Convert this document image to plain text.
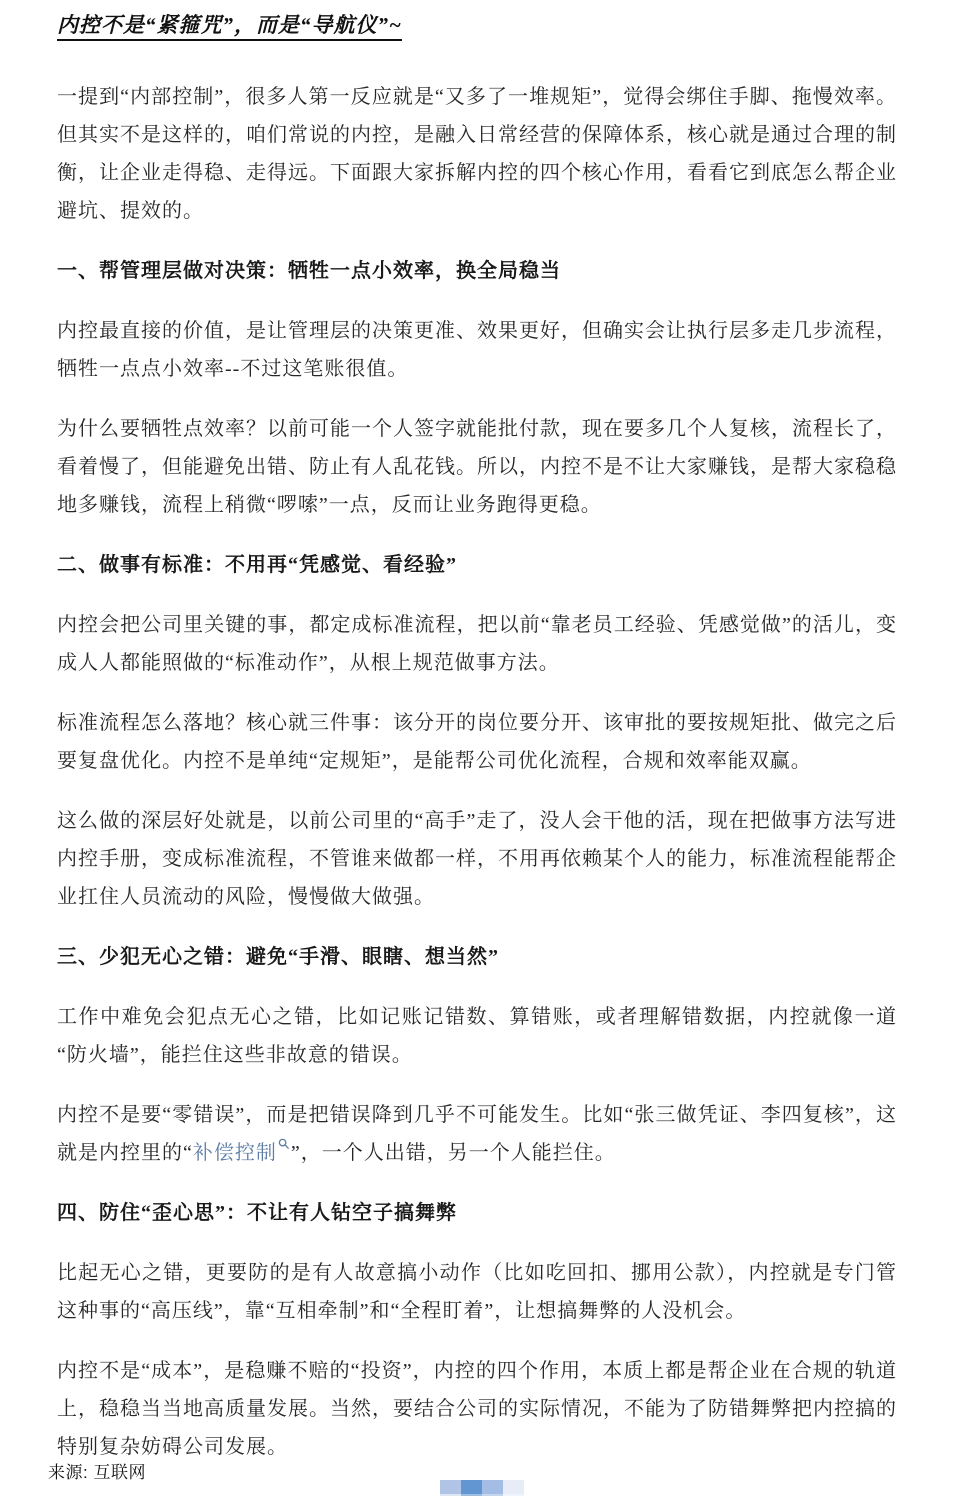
内控不是“紧箍咒”，而是“导航仪”~

一提到“内部控制”，很多人第一反应就是“又多了一堆规矩”，觉得会绑住手脚、拖慢效率。但其实不是这样的，咱们常说的内控，是融入日常经营的保障体系，核心就是通过合理的制衡，让企业走得稳、走得远。下面跟大家拆解内控的四个核心作用，看看它到底怎么帮企业避坑、提效的。

一、帮管理层做对决策：牺牲一点小效率，换全局稳当

内控最直接的价值，是让管理层的决策更准、效果更好，但确实会让执行层多走几步流程，牺牲一点点小效率--不过这笔账很值。

为什么要牺牲点效率？以前可能一个人签字就能批付款，现在要多几个人复核，流程长了，看着慢了，但能避免出错、防止有人乱花钱。所以，内控不是不让大家赚钱，是帮大家稳稳地多赚钱，流程上稍微“啰嗦”一点，反而让业务跑得更稳。

二、做事有标准：不用再“凭感觉、看经验”

内控会把公司里关键的事，都定成标准流程，把以前“靠老员工经验、凭感觉做”的活儿，变成人人都能照做的“标准动作”，从根上规范做事方法。

标准流程怎么落地？核心就三件事：该分开的岗位要分开、该审批的要按规矩批、做完之后要复盘优化。内控不是单纯“定规矩”，是能帮公司优化流程，合规和效率能双赢。

这么做的深层好处就是，以前公司里的“高手”走了，没人会干他的活，现在把做事方法写进内控手册，变成标准流程，不管谁来做都一样，不用再依赖某个人的能力，标准流程能帮企业扛住人员流动的风险，慢慢做大做强。

三、少犯无心之错：避免“手滑、眼瞎、想当然”

工作中难免会犯点无心之错，比如记账记错数、算错账，或者理解错数据，内控就像一道“防火墙”，能拦住这些非故意的错误。

内控不是要“零错误”，而是把错误降到几乎不可能发生。比如“张三做凭证、李四复核”，这就是内控里的“补偿控制 ”，一个人出错，另一个人能拦住。

四、防住“歪心思”：不让有人钻空子搞舞弊

比起无心之错，更要防的是有人故意搞小动作（比如吃回扣、挪用公款），内控就是专门管这种事的“高压线”，靠“互相牵制”和“全程盯着”，让想搞舞弊的人没机会。

内控不是“成本”，是稳赚不赔的“投资”，内控的四个作用，本质上都是帮企业在合规的轨道上，稳稳当当地高质量发展。当然，要结合公司的实际情况，不能为了防错舞弊把内控搞的特别复杂妨碍公司发展。

来源: 互联网
